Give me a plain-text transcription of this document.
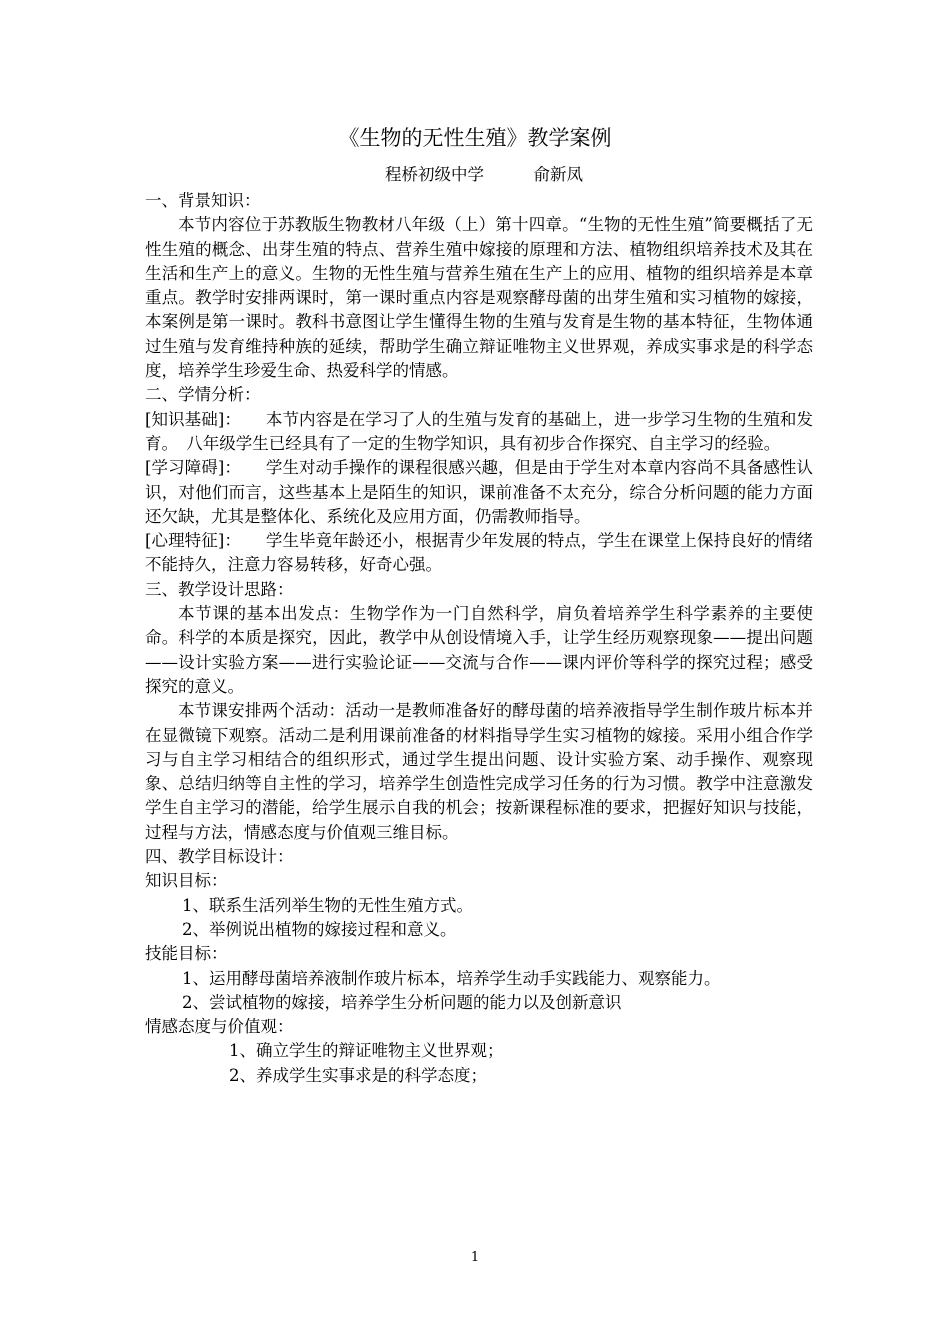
《生物的无性生殖》教学案例
程桥初级中学　　　俞新凤

一、背景知识：

本节内容位于苏教版生物教材八年级（上）第十四章。“生物的无性生殖”简要概括了无性生殖的概念、出芽生殖的特点、营养生殖中嫁接的原理和方法、植物组织培养技术及其在生活和生产上的意义。生物的无性生殖与营养生殖在生产上的应用、植物的组织培养是本章重点。教学时安排两课时，第一课时重点内容是观察酵母菌的出芽生殖和实习植物的嫁接，本案例是第一课时。教科书意图让学生懂得生物的生殖与发育是生物的基本特征，生物体通过生殖与发育维持种族的延续，帮助学生确立辩证唯物主义世界观，养成实事求是的科学态度，培养学生珍爱生命、热爱科学的情感。

二、学情分析：

[知识基础]：　　本节内容是在学习了人的生殖与发育的基础上，进一步学习生物的生殖和发育。　八年级学生已经具有了一定的生物学知识，具有初步合作探究、自主学习的经验。

[学习障碍]：　　学生对动手操作的课程很感兴趣，但是由于学生对本章内容尚不具备感性认识，对他们而言，这些基本上是陌生的知识，课前准备不太充分，综合分析问题的能力方面还欠缺，尤其是整体化、系统化及应用方面，仍需教师指导。

[心理特征]：　　学生毕竟年龄还小，根据青少年发展的特点，学生在课堂上保持良好的情绪不能持久，注意力容易转移，好奇心强。

三、教学设计思路：

本节课的基本出发点：生物学作为一门自然科学，肩负着培养学生科学素养的主要使命。科学的本质是探究，因此，教学中从创设情境入手，让学生经历观察现象——提出问题——设计实验方案——进行实验论证——交流与合作——课内评价等科学的探究过程；感受探究的意义。

本节课安排两个活动：活动一是教师准备好的酵母菌的培养液指导学生制作玻片标本并在显微镜下观察。活动二是利用课前准备的材料指导学生实习植物的嫁接。采用小组合作学习与自主学习相结合的组织形式，通过学生提出问题、设计实验方案、动手操作、观察现象、总结归纳等自主性的学习，培养学生创造性完成学习任务的行为习惯。教学中注意激发学生自主学习的潜能，给学生展示自我的机会；按新课程标准的要求，把握好知识与技能，过程与方法，情感态度与价值观三维目标。

四、教学目标设计：

知识目标：

1、联系生活列举生物的无性生殖方式。

2、举例说出植物的嫁接过程和意义。

技能目标：

1、运用酵母菌培养液制作玻片标本，培养学生动手实践能力、观察能力。

2、尝试植物的嫁接，培养学生分析问题的能力以及创新意识

情感态度与价值观：

1、确立学生的辩证唯物主义世界观；

2、养成学生实事求是的科学态度；

1
